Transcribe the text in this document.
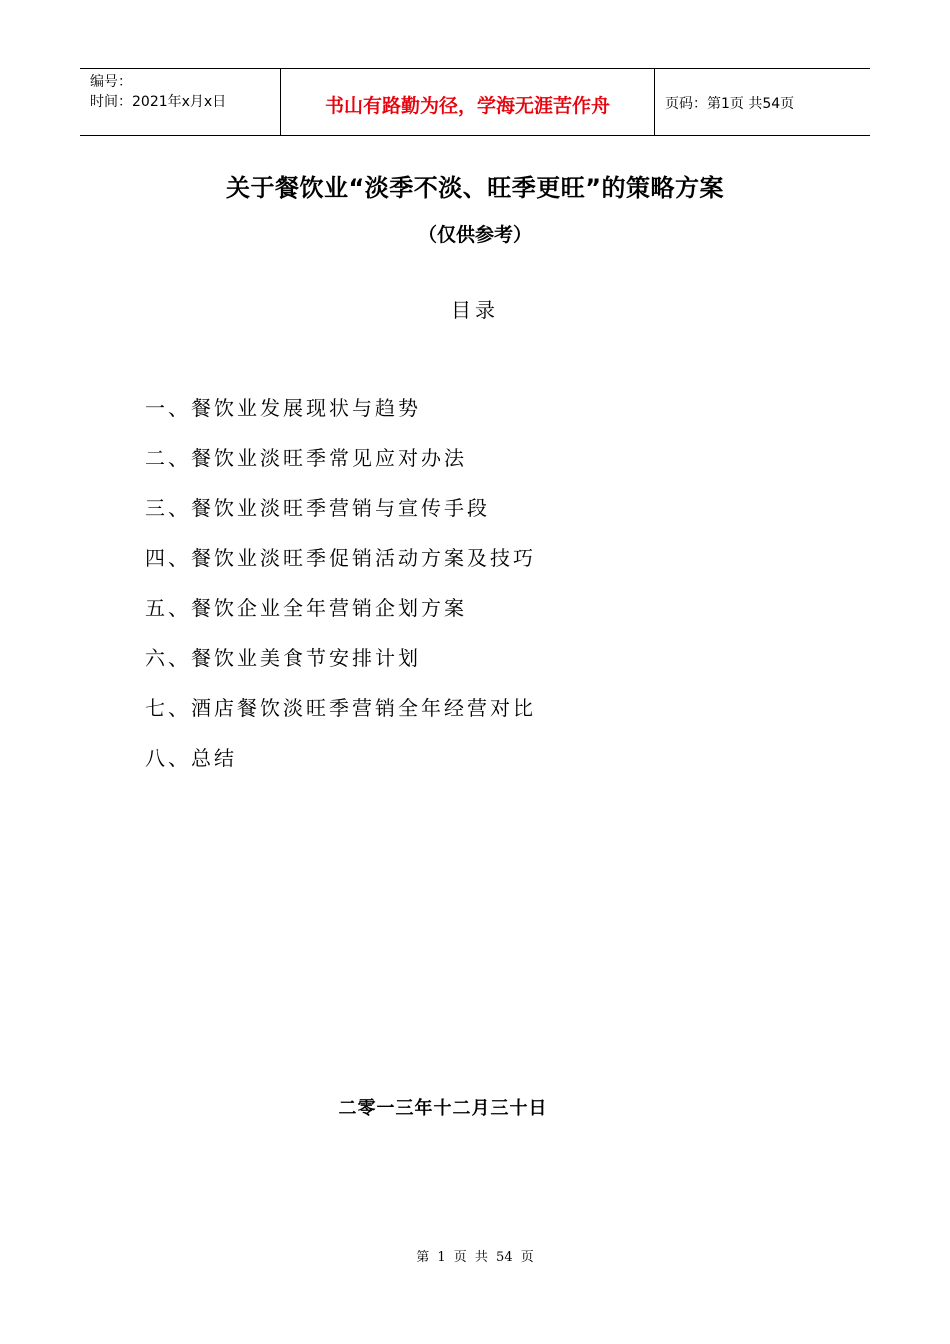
编号：
时间：2021年x月x日	书山有路勤为径，学海无涯苦作舟	页码：第1页 共54页
关于餐饮业“淡季不淡、旺季更旺”的策略方案
（仅供参考）
目录
一、餐饮业发展现状与趋势
二、餐饮业淡旺季常见应对办法
三、餐饮业淡旺季营销与宣传手段
四、餐饮业淡旺季促销活动方案及技巧
五、餐饮企业全年营销企划方案
六、餐饮业美食节安排计划
七、酒店餐饮淡旺季营销全年经营对比
八、总结
二零一三年十二月三十日
第 1 页 共 54 页
